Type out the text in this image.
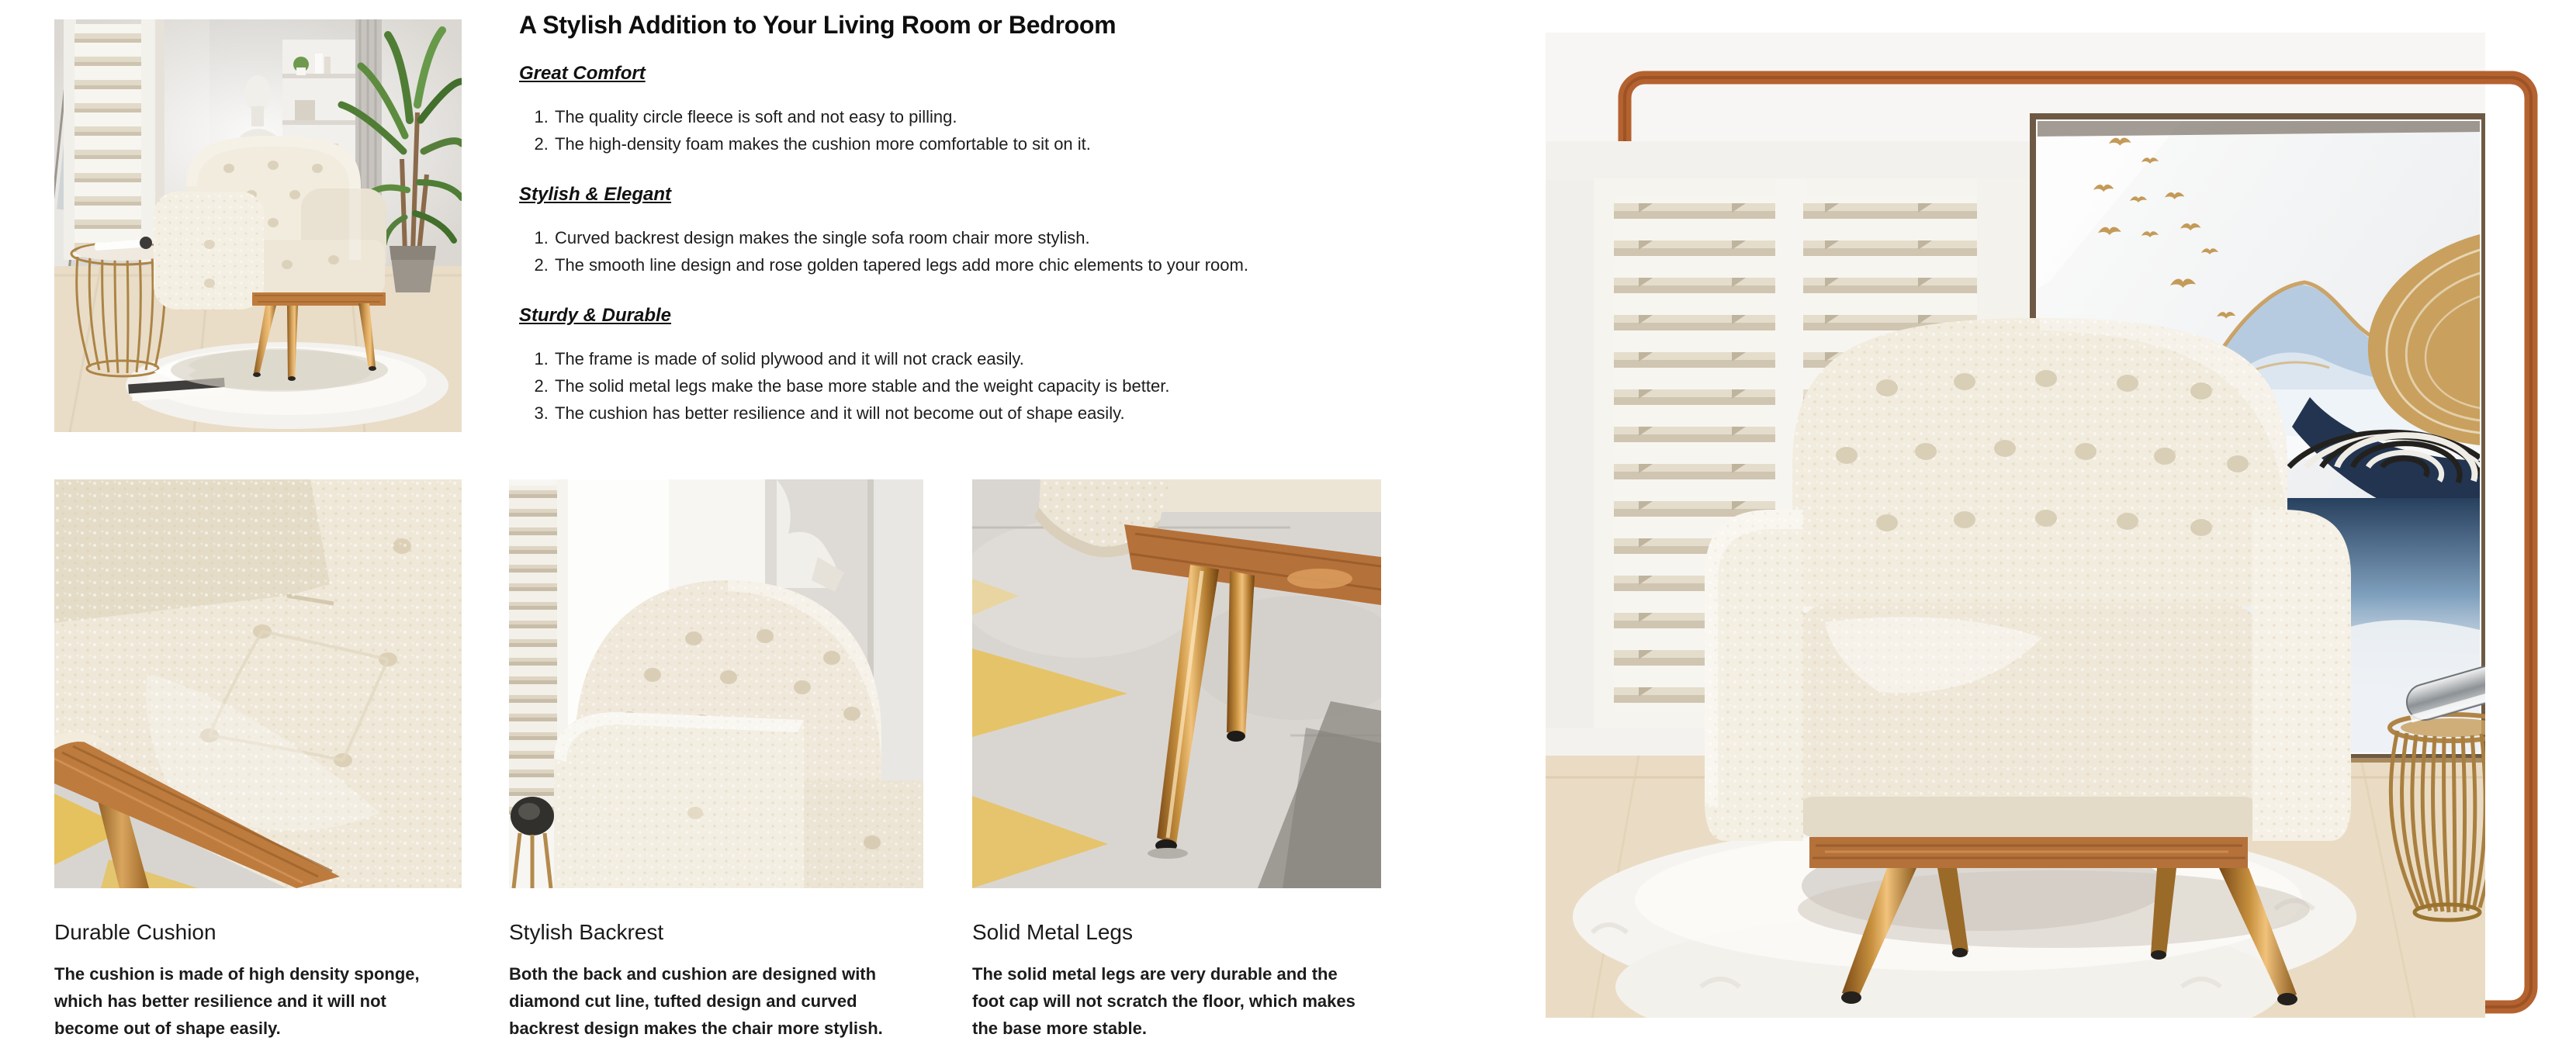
A Stylish Addition to Your Living Room or Bedroom
Great Comfort
1. The quality circle fleece is soft and not easy to pilling.
2. The high-density foam makes the cushion more comfortable to sit on it.
Stylish & Elegant
1. Curved backrest design makes the single sofa room chair more stylish.
2. The smooth line design and rose golden tapered legs add more chic elements to your room.
Sturdy & Durable
1. The frame is made of solid plywood and it will not crack easily.
2. The solid metal legs make the base more stable and the weight capacity is better.
3. The cushion has better resilience and it will not become out of shape easily.

Durable Cushion

The cushion is made of high density sponge, which has better resilience and it will not become out of shape easily.

Stylish Backrest

Both the back and cushion are designed with diamond cut line, tufted design and curved backrest design makes the chair more stylish.

Solid Metal Legs

The solid metal legs are very durable and the foot cap will not scratch the floor, which makes the base more stable.
